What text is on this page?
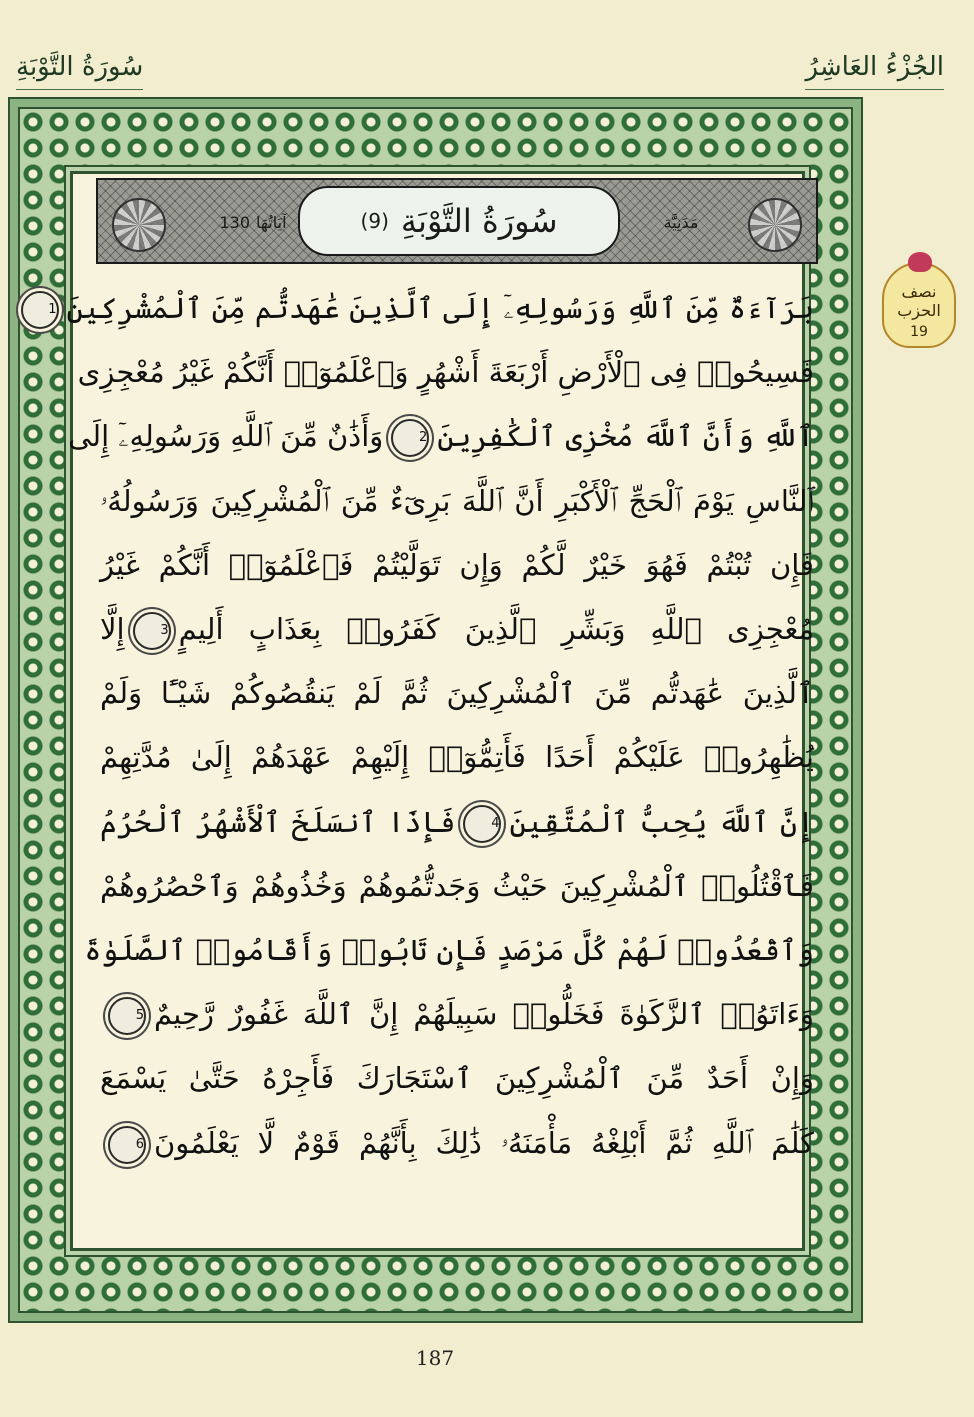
الجُزْءُ العَاشِرُ
سُورَةُ التَّوْبَةِ
مَدَنِيَّة
سُورَةُ التَّوْبَةِ
(9)
آيَاتُهَا
130
نصف الحزب
19
بَرَآءَةٌ مِّنَ ٱللَّهِ وَرَسُولِهِۦٓ إِلَى ٱلَّذِينَ عَٰهَدتُّم مِّنَ ٱلْمُشْرِكِينَ1
فَسِيحُوا۟ فِى ٱلْأَرْضِ أَرْبَعَةَ أَشْهُرٍ وَٱعْلَمُوٓا۟ أَنَّكُمْ غَيْرُ مُعْجِزِى
ٱللَّهِ وَأَنَّ ٱللَّهَ مُخْزِى ٱلْكَٰفِرِينَ2وَأَذَٰنٌ مِّنَ ٱللَّهِ وَرَسُولِهِۦٓ إِلَى
ٱلنَّاسِ يَوْمَ ٱلْحَجِّ ٱلْأَكْبَرِ أَنَّ ٱللَّهَ بَرِىٓءٌ مِّنَ ٱلْمُشْرِكِينَ وَرَسُولُهُۥ
فَإِن تُبْتُمْ فَهُوَ خَيْرٌ لَّكُمْ وَإِن تَوَلَّيْتُمْ فَٱعْلَمُوٓا۟ أَنَّكُمْ غَيْرُ
مُعْجِزِى ٱللَّهِ وَبَشِّرِ ٱلَّذِينَ كَفَرُوا۟ بِعَذَابٍ أَلِيمٍ3إِلَّا
ٱلَّذِينَ عَٰهَدتُّم مِّنَ ٱلْمُشْرِكِينَ ثُمَّ لَمْ يَنقُصُوكُمْ شَيْـًٔا وَلَمْ
يُظَٰهِرُوا۟ عَلَيْكُمْ أَحَدًا فَأَتِمُّوٓا۟ إِلَيْهِمْ عَهْدَهُمْ إِلَىٰ مُدَّتِهِمْ
إِنَّ ٱللَّهَ يُحِبُّ ٱلْمُتَّقِينَ4فَإِذَا ٱنسَلَخَ ٱلْأَشْهُرُ ٱلْحُرُمُ
فَٱقْتُلُوا۟ ٱلْمُشْرِكِينَ حَيْثُ وَجَدتُّمُوهُمْ وَخُذُوهُمْ وَٱحْصُرُوهُمْ
وَٱقْعُدُوا۟ لَهُمْ كُلَّ مَرْصَدٍ فَإِن تَابُوا۟ وَأَقَامُوا۟ ٱلصَّلَوٰةَ
وَءَاتَوُا۟ ٱلزَّكَوٰةَ فَخَلُّوا۟ سَبِيلَهُمْ إِنَّ ٱللَّهَ غَفُورٌ رَّحِيمٌ5
وَإِنْ أَحَدٌ مِّنَ ٱلْمُشْرِكِينَ ٱسْتَجَارَكَ فَأَجِرْهُ حَتَّىٰ يَسْمَعَ
كَلَٰمَ ٱللَّهِ ثُمَّ أَبْلِغْهُ مَأْمَنَهُۥ ذَٰلِكَ بِأَنَّهُمْ قَوْمٌ لَّا يَعْلَمُونَ6
187
